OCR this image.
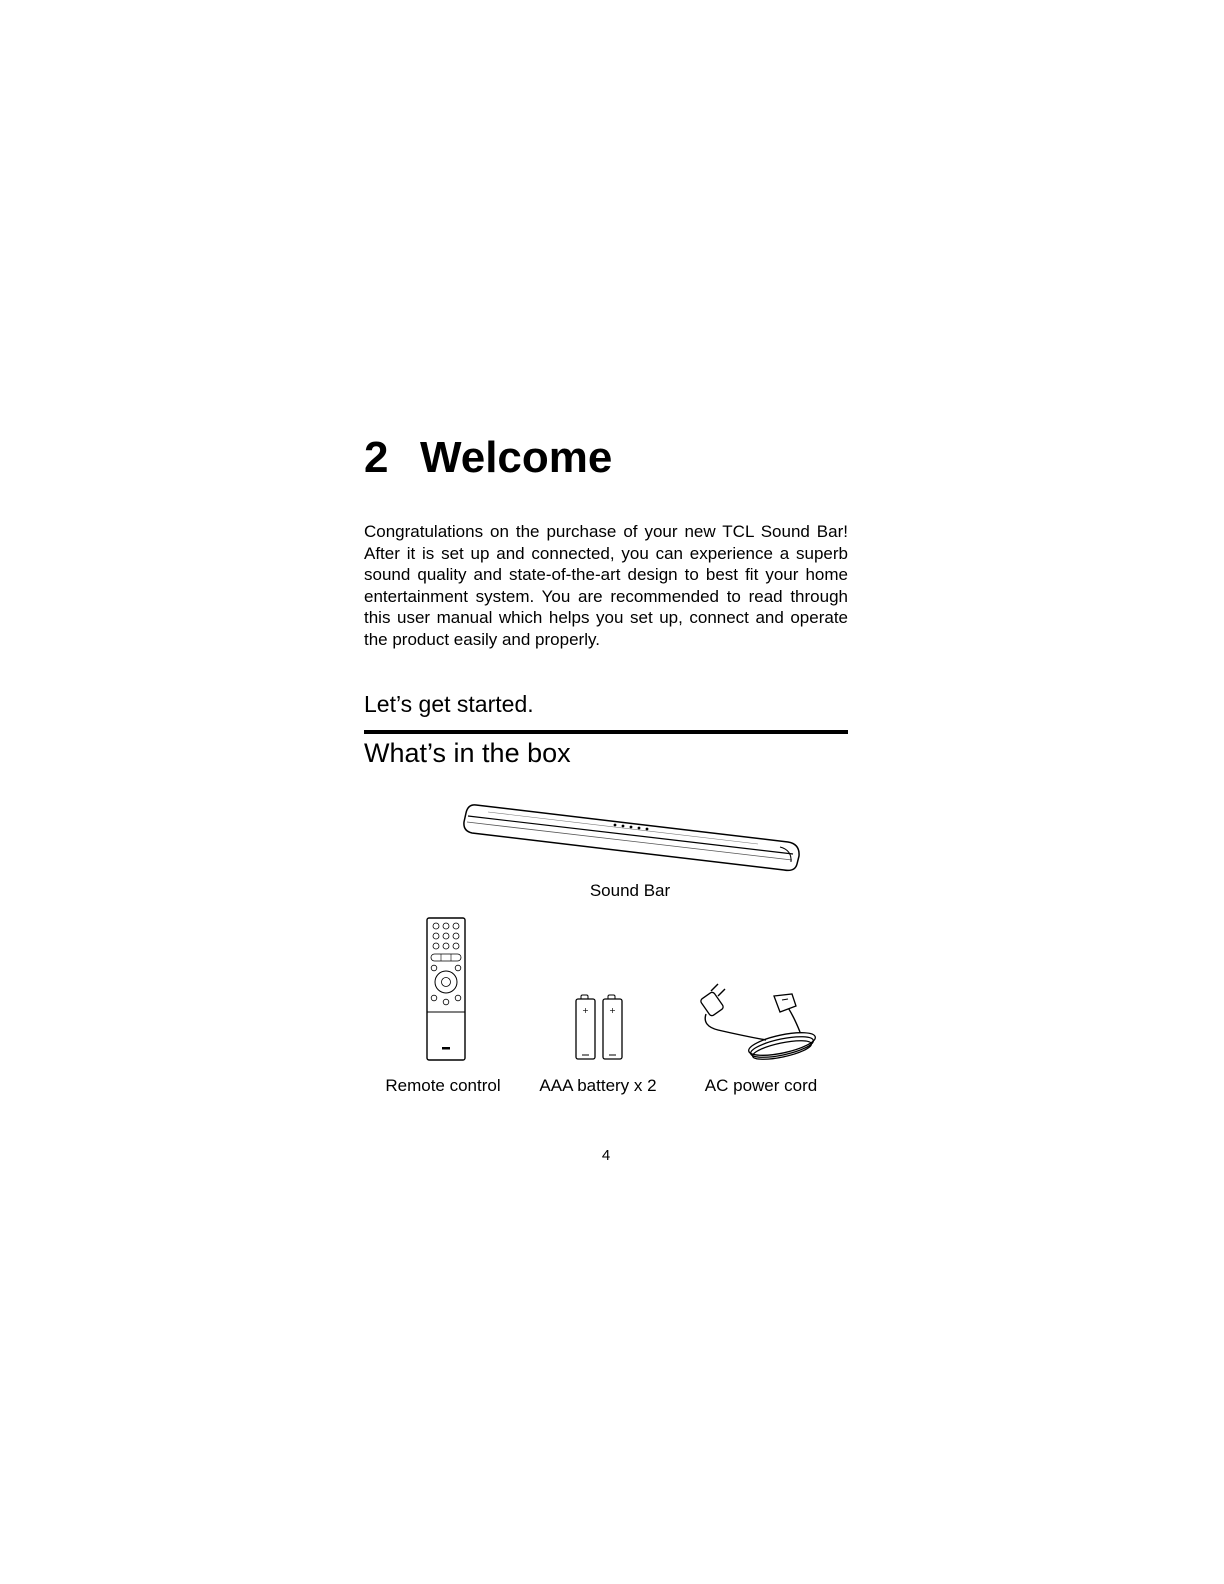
2 Welcome

Congratulations on the purchase of your new TCL Sound Bar! After it is set up and connected, you can experience a superb sound quality and state-of-the-art design to best fit your home entertainment system. You are recommended to read through this user manual which helps you set up, connect and operate the product easily and properly.

Let’s get started.

What’s in the box
Sound Bar
Remote control
+	+
AAA battery x 2	AC power cord
4
